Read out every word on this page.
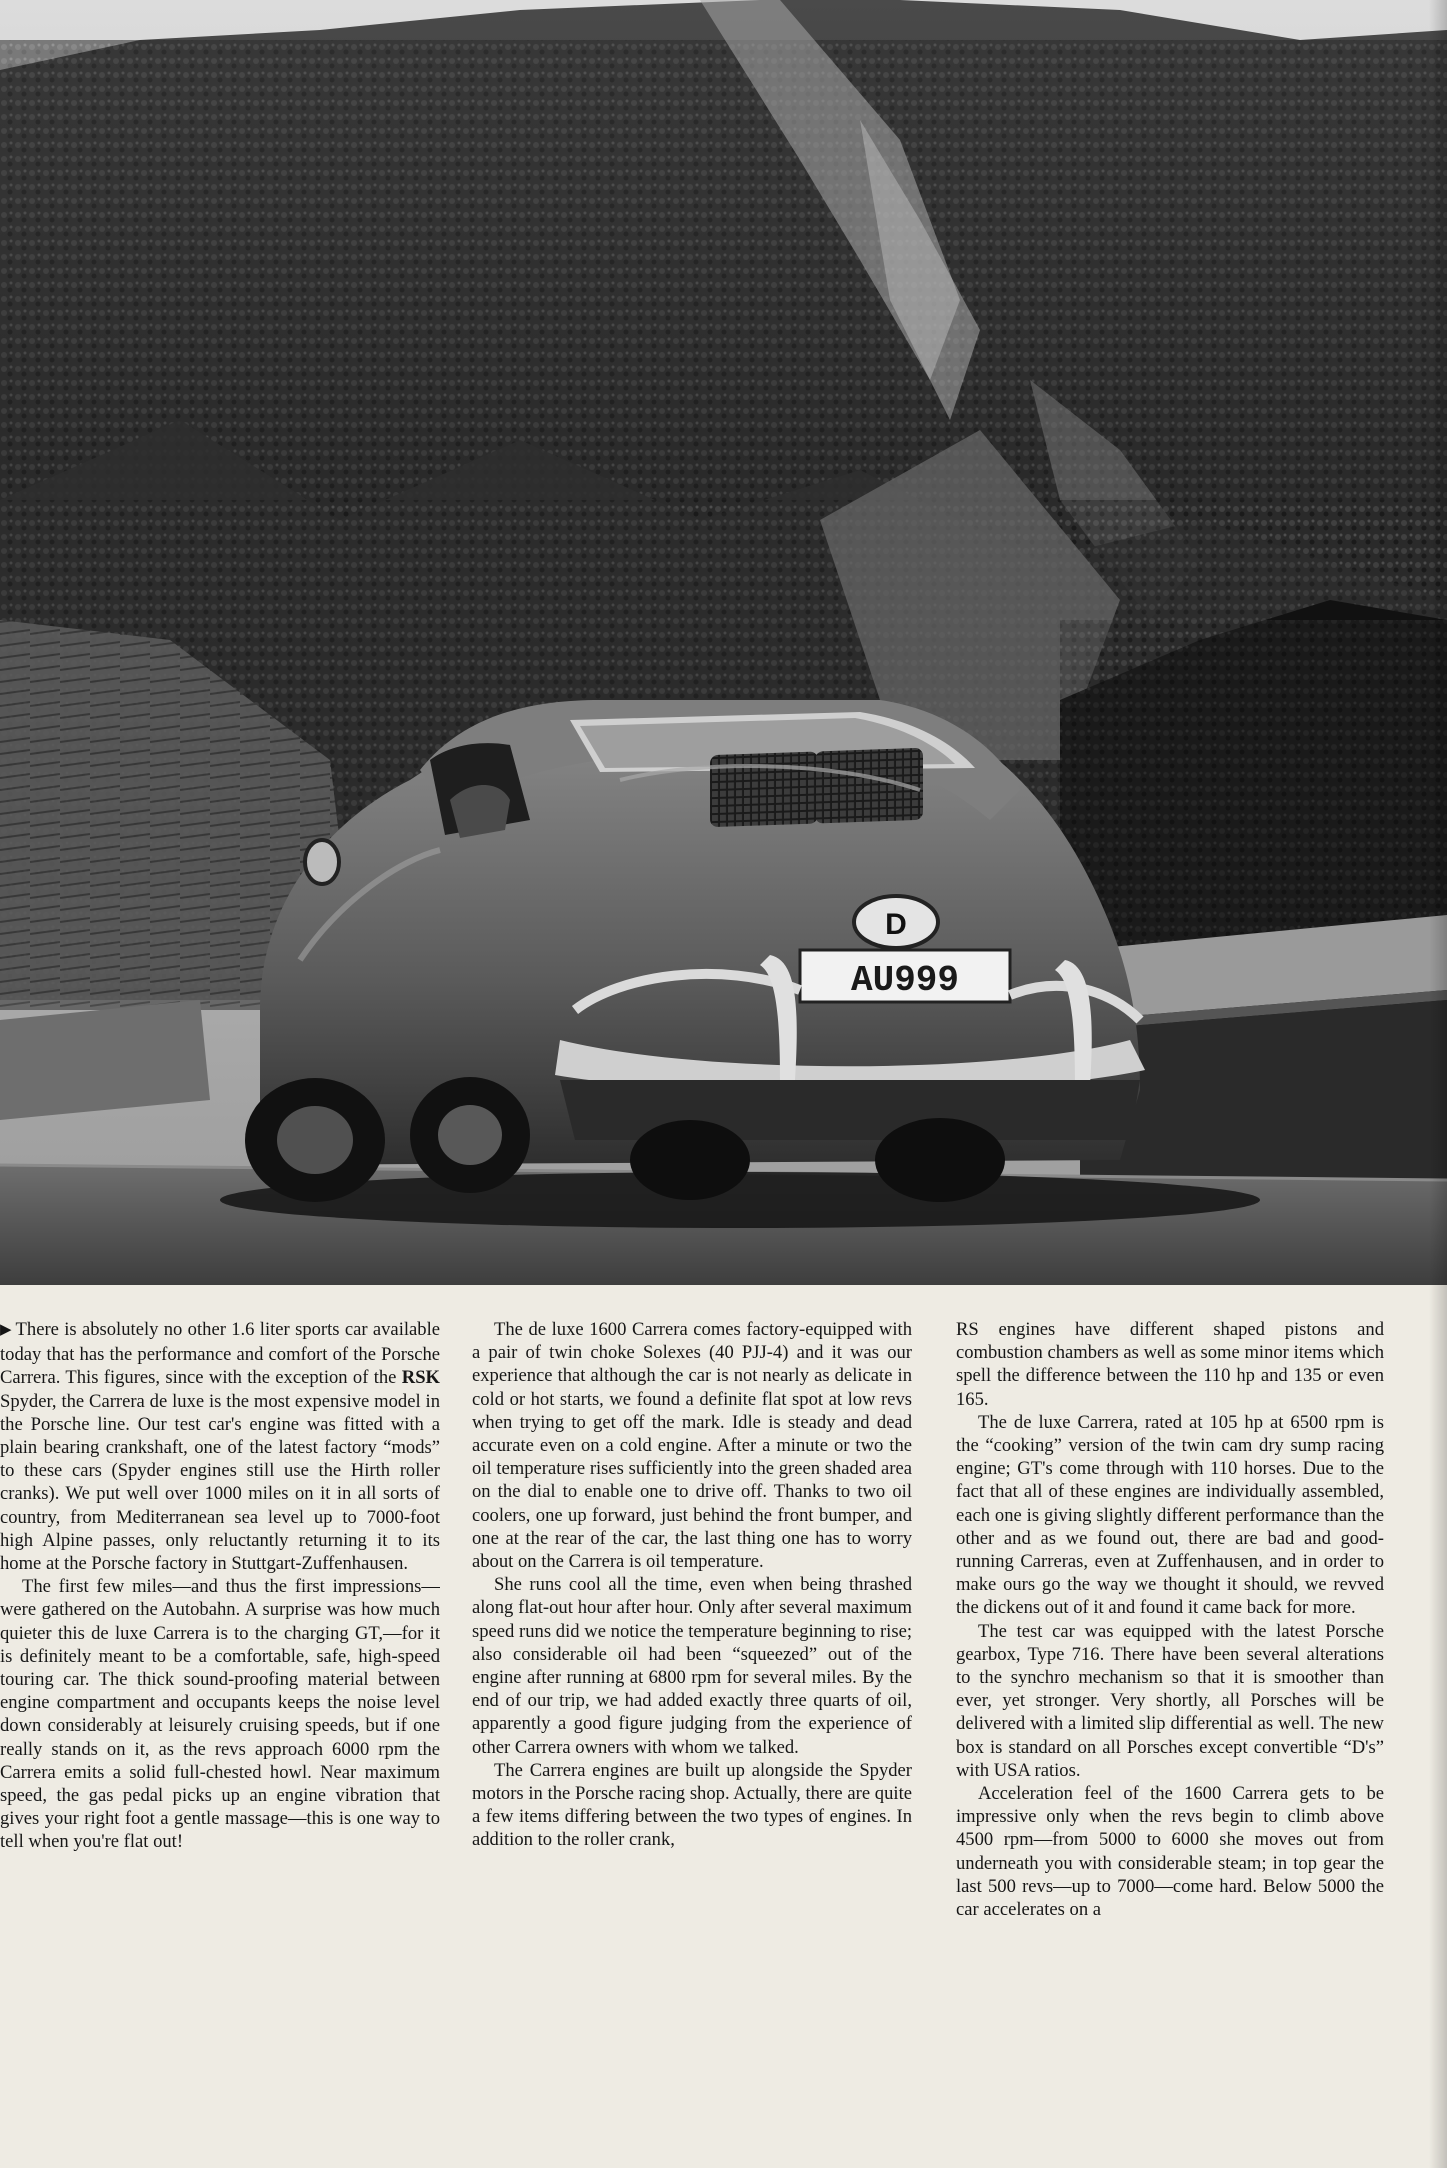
D
AU999

▶ There is absolutely no other 1.6 liter sports car available today that has the performance and comfort of the Porsche Carrera. This figures, since with the exception of the RSK Spyder, the Carrera de luxe is the most expensive model in the Porsche line. Our test car's engine was fitted with a plain bearing crankshaft, one of the latest factory “mods” to these cars (Spyder engines still use the Hirth roller cranks). We put well over 1000 miles on it in all sorts of country, from Mediterranean sea level up to 7000-foot high Alpine passes, only reluctantly returning it to its home at the Porsche factory in Stuttgart-Zuffenhausen.

The first few miles—and thus the first impressions—were gathered on the Autobahn. A surprise was how much quieter this de luxe Carrera is to the charging GT,—for it is definitely meant to be a comfortable, safe, high-speed touring car. The thick sound-proofing material between engine compartment and occupants keeps the noise level down considerably at leisurely cruising speeds, but if one really stands on it, as the revs approach 6000 rpm the Carrera emits a solid full-chested howl. Near maximum speed, the gas pedal picks up an engine vibration that gives your right foot a gentle massage—this is one way to tell when you're flat out!

The de luxe 1600 Carrera comes factory-equipped with a pair of twin choke Solexes (40 PJJ-4) and it was our experience that although the car is not nearly as delicate in cold or hot starts, we found a definite flat spot at low revs when trying to get off the mark. Idle is steady and dead accurate even on a cold engine. After a minute or two the oil temperature rises sufficiently into the green shaded area on the dial to enable one to drive off. Thanks to two oil coolers, one up forward, just behind the front bumper, and one at the rear of the car, the last thing one has to worry about on the Carrera is oil temperature.

She runs cool all the time, even when being thrashed along flat-out hour after hour. Only after several maximum speed runs did we notice the temperature beginning to rise; also considerable oil had been “squeezed” out of the engine after running at 6800 rpm for several miles. By the end of our trip, we had added exactly three quarts of oil, apparently a good figure judging from the experience of other Carrera owners with whom we talked.

The Carrera engines are built up alongside the Spyder motors in the Porsche racing shop. Actually, there are quite a few items differing between the two types of engines. In addition to the roller crank,

RS engines have different shaped pistons and combustion chambers as well as some minor items which spell the difference between the 110 hp and 135 or even 165.

The de luxe Carrera, rated at 105 hp at 6500 rpm is the “cooking” version of the twin cam dry sump racing engine; GT's come through with 110 horses. Due to the fact that all of these engines are individually assembled, each one is giving slightly different performance than the other and as we found out, there are bad and good-running Carreras, even at Zuffenhausen, and in order to make ours go the way we thought it should, we revved the dickens out of it and found it came back for more.

The test car was equipped with the latest Porsche gearbox, Type 716. There have been several alterations to the synchro mechanism so that it is smoother than ever, yet stronger. Very shortly, all Porsches will be delivered with a limited slip differential as well. The new box is standard on all Porsches except convertible “D's” with USA ratios.

Acceleration feel of the 1600 Carrera gets to be impressive only when the revs begin to climb above 4500 rpm—from 5000 to 6000 she moves out from underneath you with considerable steam; in top gear the last 500 revs—up to 7000—come hard. Below 5000 the car accelerates on a
